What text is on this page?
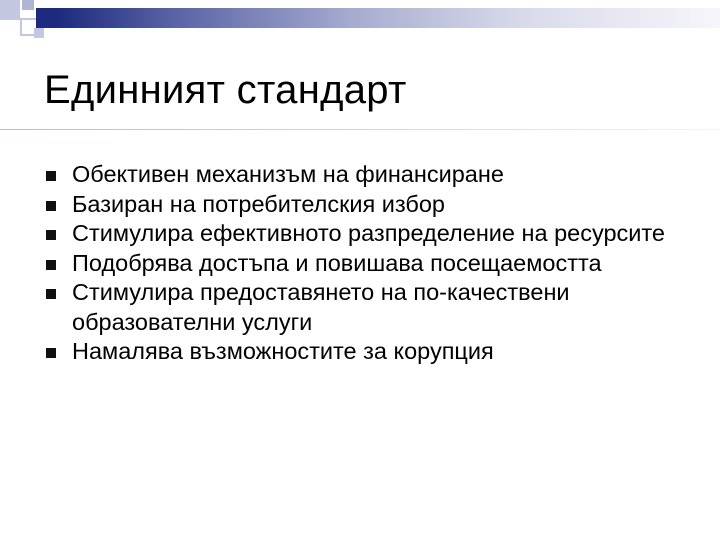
Единният стандарт
Обективен механизъм на финансиране
Базиран на потребителския избор
Стимулира ефективното разпределение на ресурсите
Подобрява достъпа и повишава посещаемостта
Стимулира предоставянето на по-качествени образователни услуги
Намалява възможностите за корупция
